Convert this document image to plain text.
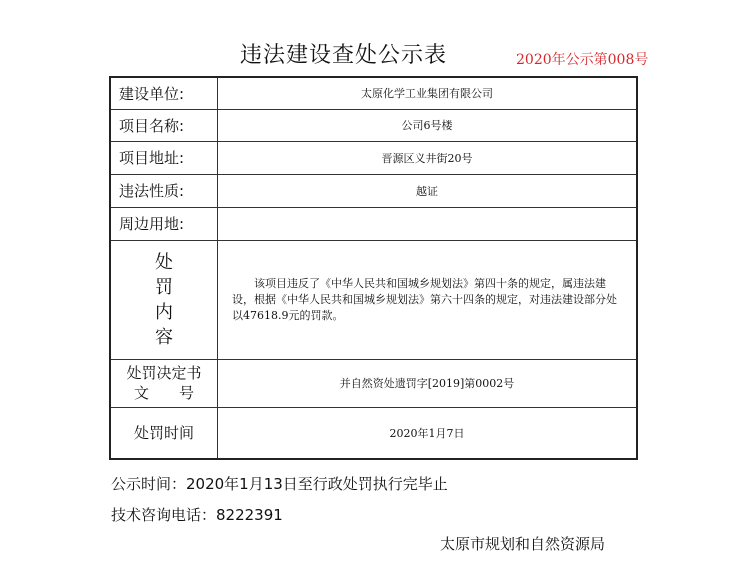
违法建设查处公示表	2020年公示第008号
建设单位:	太原化学工业集团有限公司
项目名称:	公司6号楼
项目地址:	晋源区义井街20号
违法性质:	越证
周边用地:	

处
罚
内
容	该项目违反了《中华人民共和国城乡规划法》第四十条的规定，属违法建设，根据《中华人民共和国城乡规划法》第六十四条的规定，对违法建设部分处以47618.9元的罚款。

处罚决定书
文　　号	并自然资处遗罚字[2019]第0002号
处罚时间	2020年1月7日
公示时间：2020年1月13日至行政处罚执行完毕止
技术咨询电话：8222391
太原市规划和自然资源局
